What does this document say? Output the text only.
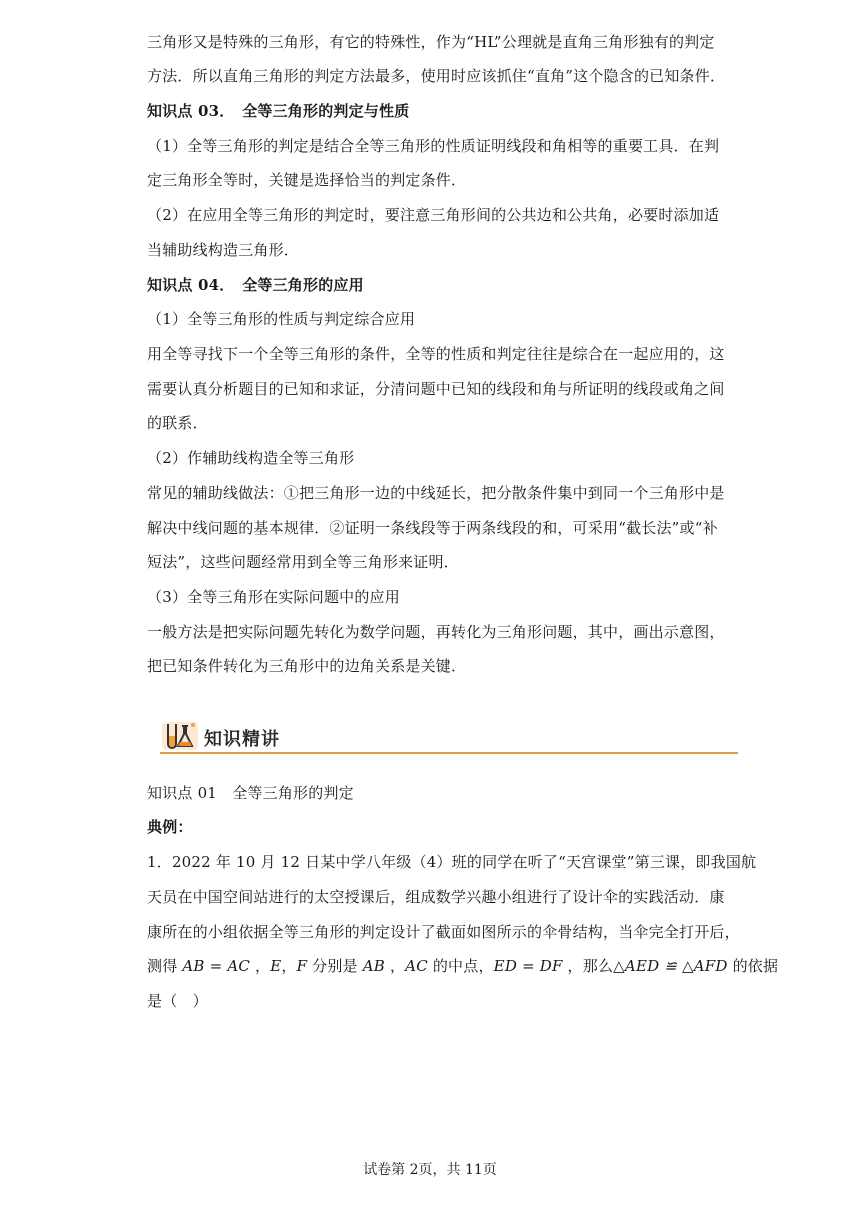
三角形又是特殊的三角形，有它的特殊性，作为“HL”公理就是直角三角形独有的判定
方法．所以直角三角形的判定方法最多，使用时应该抓住“直角”这个隐含的已知条件．
知识点 03．　全等三角形的判定与性质
（1）全等三角形的判定是结合全等三角形的性质证明线段和角相等的重要工具．在判
定三角形全等时，关键是选择恰当的判定条件．
（2）在应用全等三角形的判定时，要注意三角形间的公共边和公共角，必要时添加适
当辅助线构造三角形．
知识点 04．　全等三角形的应用
（1）全等三角形的性质与判定综合应用
用全等寻找下一个全等三角形的条件，全等的性质和判定往往是综合在一起应用的，这
需要认真分析题目的已知和求证，分清问题中已知的线段和角与所证明的线段或角之间
的联系．
（2）作辅助线构造全等三角形
常见的辅助线做法：①把三角形一边的中线延长，把分散条件集中到同一个三角形中是
解决中线问题的基本规律．②证明一条线段等于两条线段的和，可采用“截长法”或“补
短法”，这些问题经常用到全等三角形来证明．
（3）全等三角形在实际问题中的应用
一般方法是把实际问题先转化为数学问题，再转化为三角形问题，其中，画出示意图，
把已知条件转化为三角形中的边角关系是关键．
知识精讲
知识点 01　全等三角形的判定
典例：
1．2022 年 10 月 12 日某中学八年级（4）班的同学在听了“天宫课堂”第三课，即我国航
天员在中国空间站进行的太空授课后，组成数学兴趣小组进行了设计伞的实践活动．康
康所在的小组依据全等三角形的判定设计了截面如图所示的伞骨结构，当伞完全打开后，
测得 AB = AC ，E，F 分别是 AB ，AC 的中点，ED = DF ，那么△AED ≌ △AFD 的依据
是（　）
试卷第 2页，共 11页
